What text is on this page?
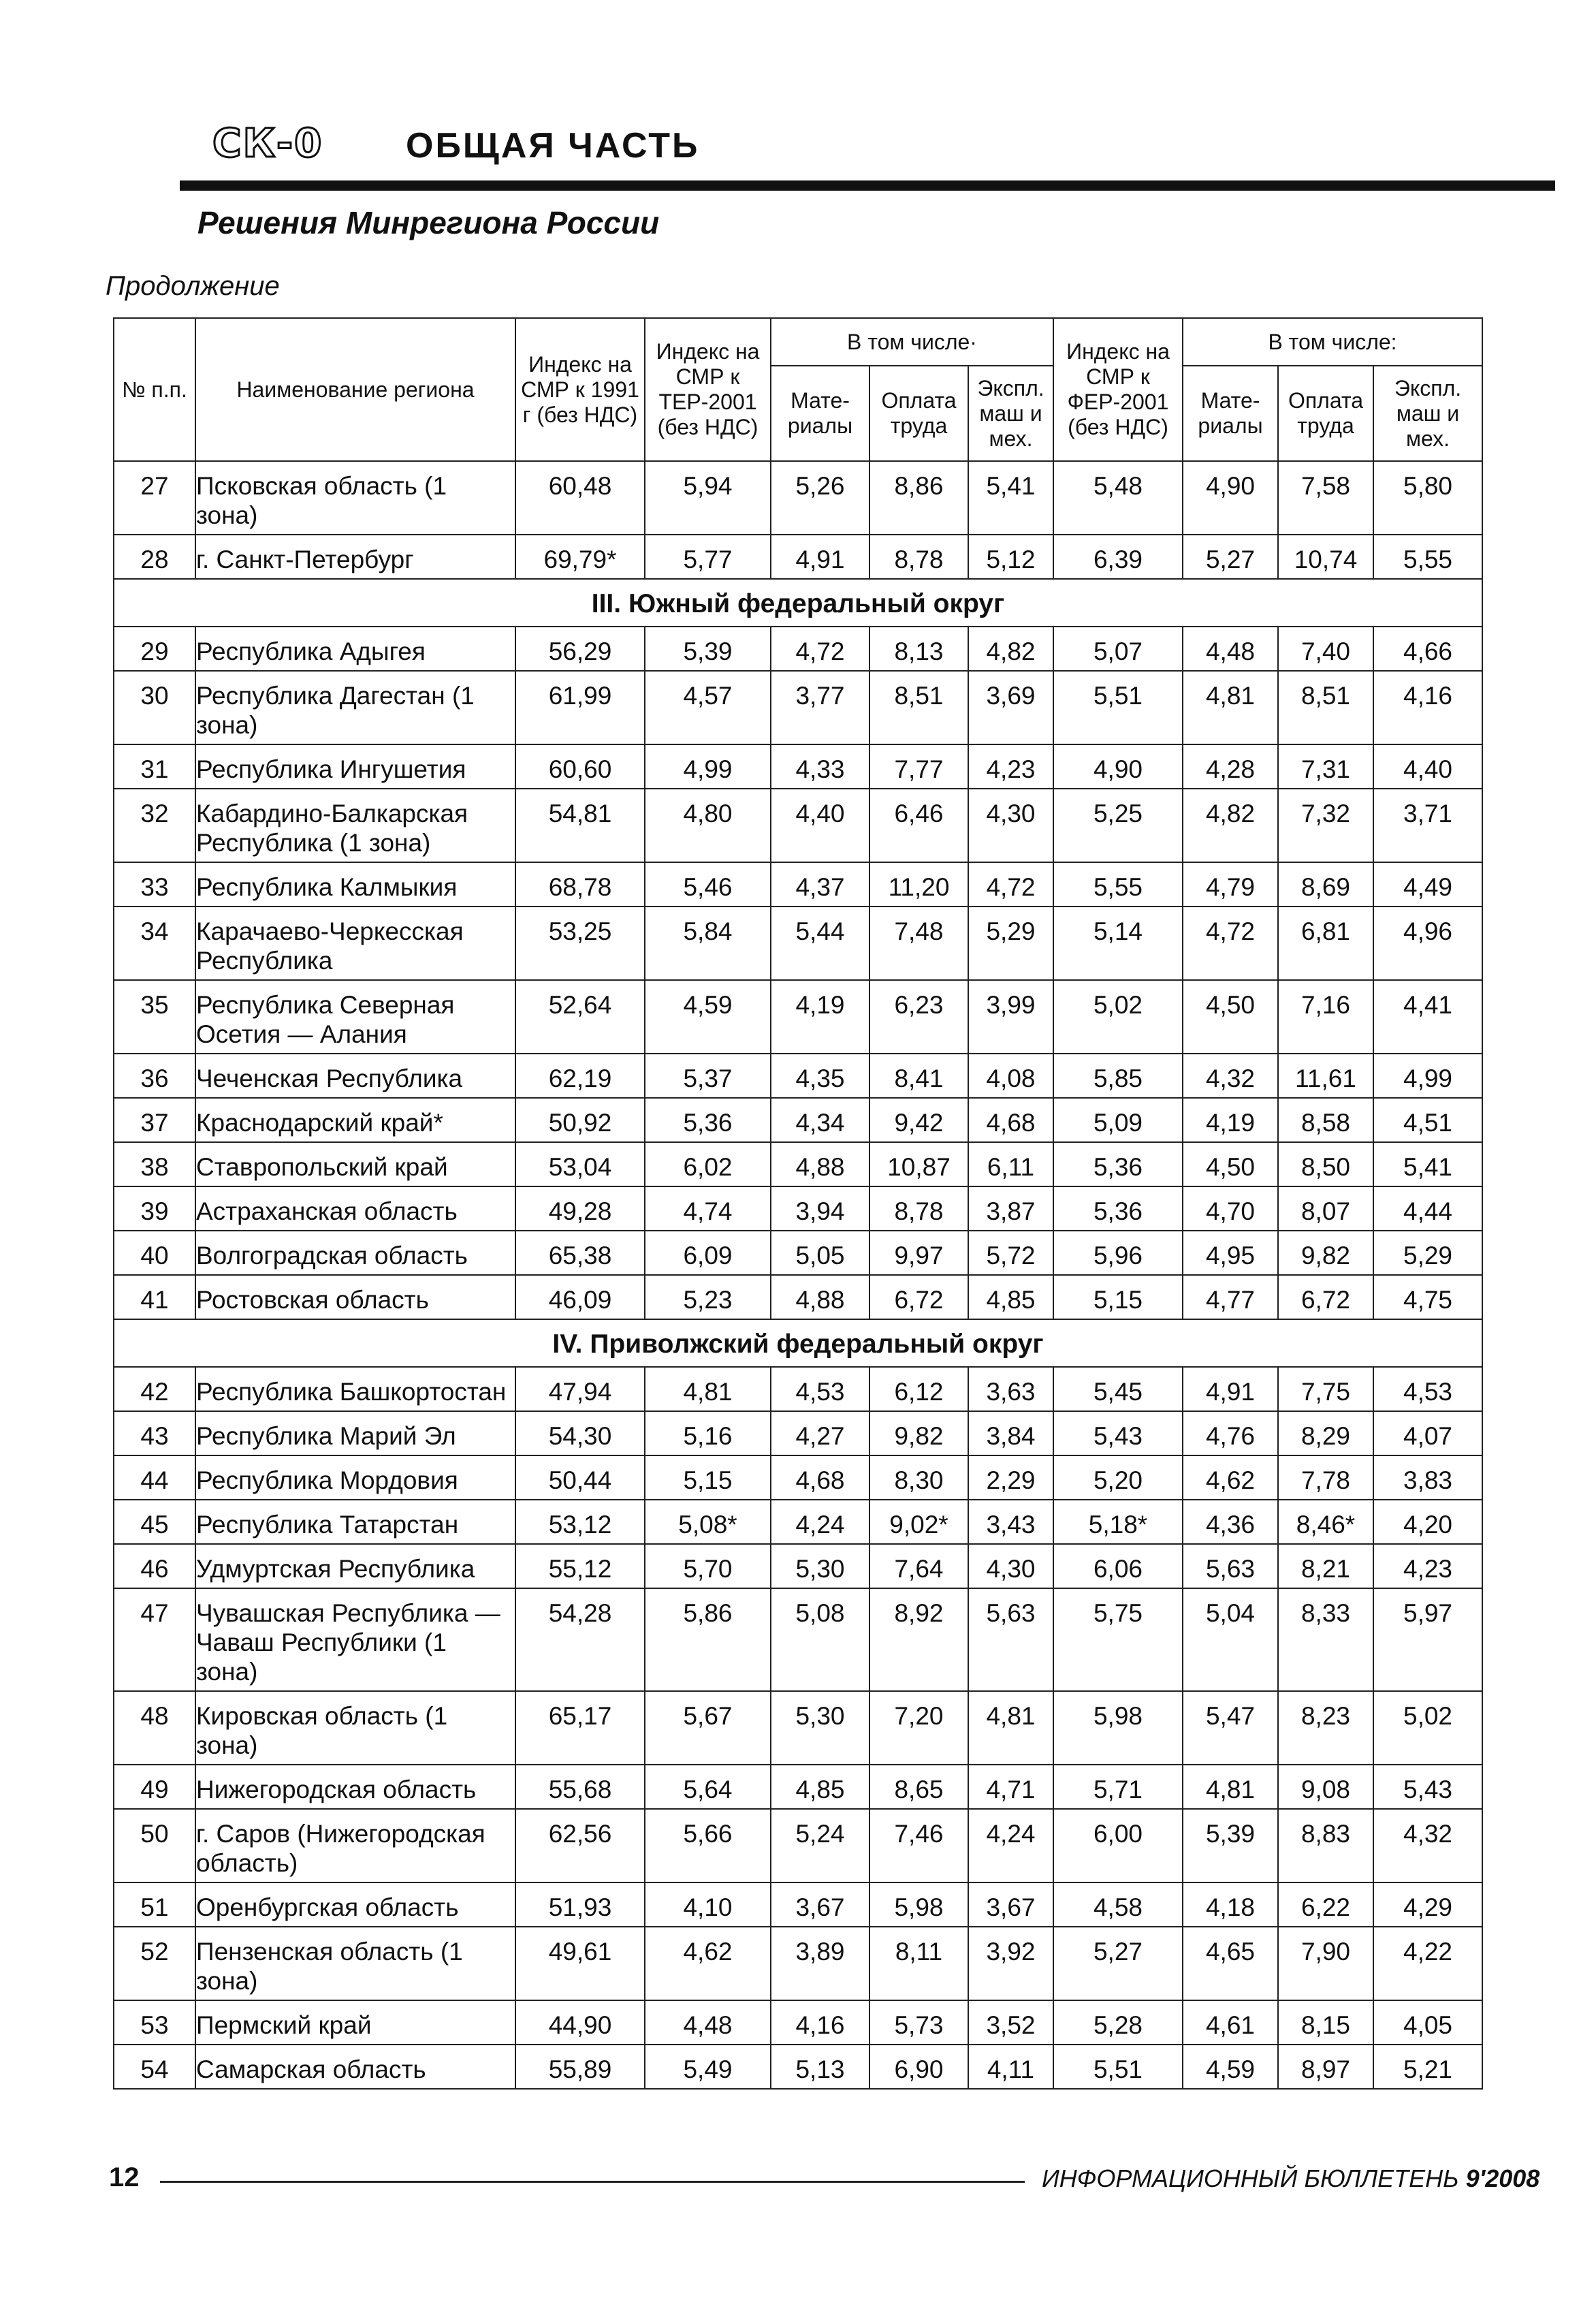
СК-0 ОБЩАЯ ЧАСТЬ
Решения Минрегиона России
Продолжение
№ п.п.	Наименование региона	Индекс на СМР к 1991 г (без НДС)	Индекс на СМР к ТЕР-2001 (без НДС)	В том числе·			Индекс на СМР к ФЕР-2001 (без НДС)	В том числе:		
				Мате-риалы	Оплата труда	Экспл. маш и мех.		Мате-риалы	Оплата труда	Экспл. маш и мех.
27	Псковская область (1 зона)	60,48	5,94	5,26	8,86	5,41	5,48	4,90	7,58	5,80
28	г. Санкт-Петербург	69,79*	5,77	4,91	8,78	5,12	6,39	5,27	10,74	5,55
III. Южный федеральный округ										
29	Республика Адыгея	56,29	5,39	4,72	8,13	4,82	5,07	4,48	7,40	4,66
30	Республика Дагестан (1 зона)	61,99	4,57	3,77	8,51	3,69	5,51	4,81	8,51	4,16
31	Республика Ингушетия	60,60	4,99	4,33	7,77	4,23	4,90	4,28	7,31	4,40
32	Кабардино-Балкарская Республика (1 зона)	54,81	4,80	4,40	6,46	4,30	5,25	4,82	7,32	3,71
33	Республика Калмыкия	68,78	5,46	4,37	11,20	4,72	5,55	4,79	8,69	4,49
34	Карачаево-Черкесская Республика	53,25	5,84	5,44	7,48	5,29	5,14	4,72	6,81	4,96
35	Республика Северная Осетия — Алания	52,64	4,59	4,19	6,23	3,99	5,02	4,50	7,16	4,41
36	Чеченская Республика	62,19	5,37	4,35	8,41	4,08	5,85	4,32	11,61	4,99
37	Краснодарский край*	50,92	5,36	4,34	9,42	4,68	5,09	4,19	8,58	4,51
38	Ставропольский край	53,04	6,02	4,88	10,87	6,11	5,36	4,50	8,50	5,41
39	Астраханская область	49,28	4,74	3,94	8,78	3,87	5,36	4,70	8,07	4,44
40	Волгоградская область	65,38	6,09	5,05	9,97	5,72	5,96	4,95	9,82	5,29
41	Ростовская область	46,09	5,23	4,88	6,72	4,85	5,15	4,77	6,72	4,75
IV. Приволжский федеральный округ										
42	Республика Башкортостан	47,94	4,81	4,53	6,12	3,63	5,45	4,91	7,75	4,53
43	Республика Марий Эл	54,30	5,16	4,27	9,82	3,84	5,43	4,76	8,29	4,07
44	Республика Мордовия	50,44	5,15	4,68	8,30	2,29	5,20	4,62	7,78	3,83
45	Республика Татарстан	53,12	5,08*	4,24	9,02*	3,43	5,18*	4,36	8,46*	4,20
46	Удмуртская Республика	55,12	5,70	5,30	7,64	4,30	6,06	5,63	8,21	4,23
47	Чувашская Республика — Чаваш Республики (1 зона)	54,28	5,86	5,08	8,92	5,63	5,75	5,04	8,33	5,97
48	Кировская область (1 зона)	65,17	5,67	5,30	7,20	4,81	5,98	5,47	8,23	5,02
49	Нижегородская область	55,68	5,64	4,85	8,65	4,71	5,71	4,81	9,08	5,43
50	г. Саров (Нижегородская область)	62,56	5,66	5,24	7,46	4,24	6,00	5,39	8,83	4,32
51	Оренбургская область	51,93	4,10	3,67	5,98	3,67	4,58	4,18	6,22	4,29
52	Пензенская область (1 зона)	49,61	4,62	3,89	8,11	3,92	5,27	4,65	7,90	4,22
53	Пермский край	44,90	4,48	4,16	5,73	3,52	5,28	4,61	8,15	4,05
54	Самарская область	55,89	5,49	5,13	6,90	4,11	5,51	4,59	8,97	5,21
12	ИНФОРМАЦИОННЫЙ БЮЛЛЕТЕНЬ 9'2008
